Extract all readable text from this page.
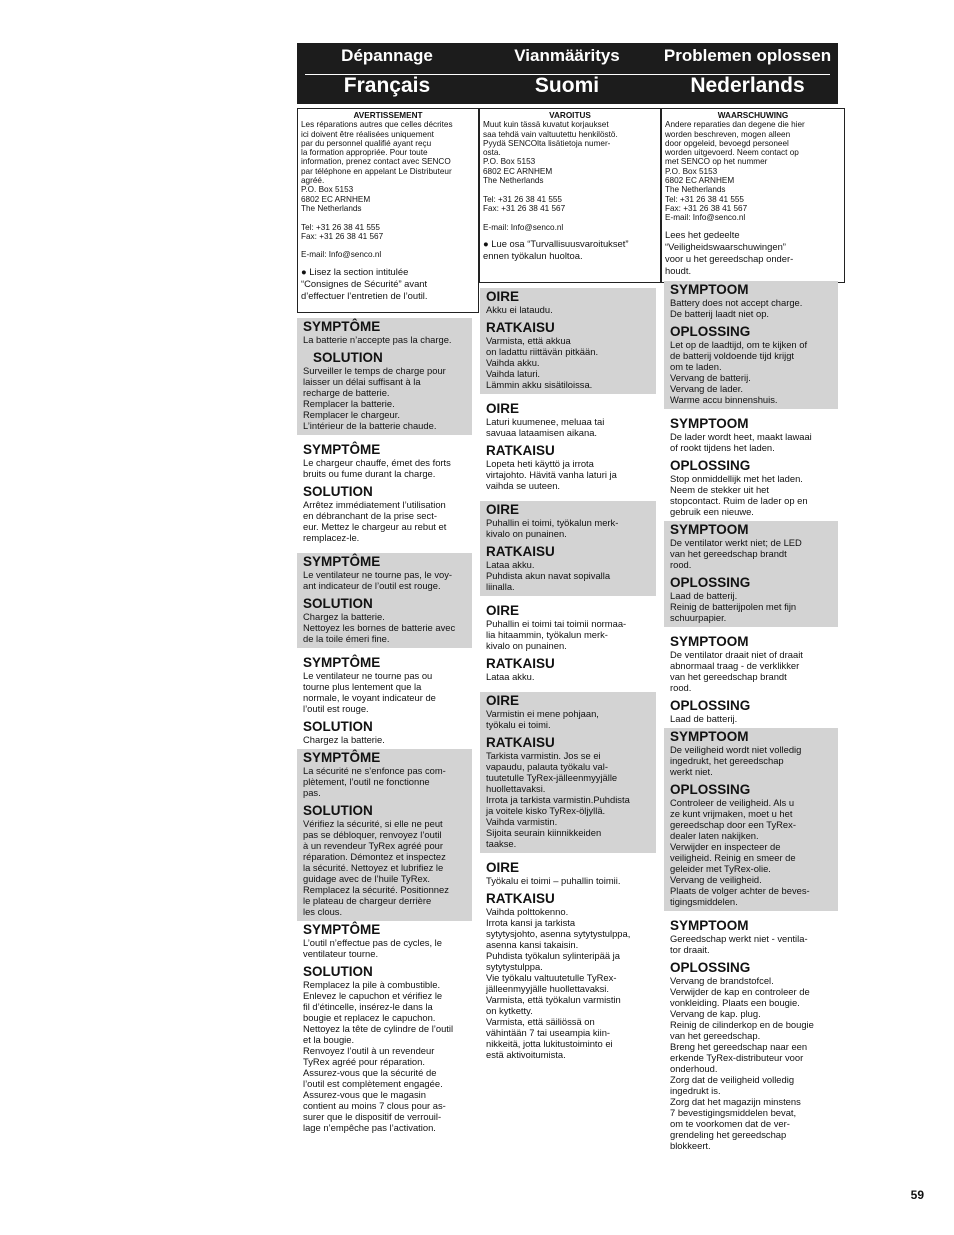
Dépannage	Vianmääritys	Problemen oplossen
Français	Suomi	Nederlands
AVERTISSEMENT
Les réparations autres que celles décrites
ici doivent être réalisées uniquement
par du personnel qualifié ayant reçu
la formation appropriée. Pour toute
information, prenez contact avec SENCO
par téléphone en appelant Le Distributeur
agréé.
P.O. Box 5153
6802 EC ARNHEM
The Netherlands

Tel: +31 26 38 41 555
Fax: +31 26 38 41 567

E-mail: Info@senco.nl
● Lisez la section intitulée
“Consignes de Sécurité” avant
d’effectuer l’entretien de l’outil.
VAROITUS
Muut kuin tässä kuvatut korjaukset
saa tehdä vain valtuutettu henkilöstö.
Pyydä SENCOlta lisätietoja numer-
osta.
P.O. Box 5153
6802 EC ARNHEM
The Netherlands

Tel: +31 26 38 41 555
Fax: +31 26 38 41 567

E-mail: Info@senco.nl
● Lue osa “Turvallisuusvaroitukset”
ennen työkalun huoltoa.
WAARSCHUWING
Andere reparaties dan degene die hier
worden beschreven, mogen alleen
door opgeleid, bevoegd personeel
worden uitgevoerd. Neem contact op
met SENCO op het nummer
P.O. Box 5153
6802 EC ARNHEM
The Netherlands
Tel: +31 26 38 41 555
Fax: +31 26 38 41 567
E-mail: Info@senco.nl
Lees het gedeelte
“Veiligheidswaarschuwingen”
voor u het gereedschap onder-
houdt.
SYMPTÔME
La batterie n’accepte pas la charge.
SOLUTION
Surveiller le temps de charge pour
laisser un délai suffisant à la
recharge de batterie.
Remplacer la batterie.
Remplacer le chargeur.
L’intérieur de la batterie chaude.
SYMPTÔME
Le chargeur chauffe, émet des forts
bruits ou fume durant la charge.
SOLUTION
Arrêtez immédiatement l’utilisation
en débranchant de la prise sect-
eur. Mettez le chargeur au rebut et
remplacez-le.
SYMPTÔME
Le ventilateur ne tourne pas, le voy-
ant indicateur de l’outil est rouge.
SOLUTION
Chargez la batterie.
Nettoyez les bornes de batterie avec
de la toile émeri fine.
SYMPTÔME
Le ventilateur ne tourne pas ou
tourne plus lentement que la
normale, le voyant indicateur de
l’outil est rouge.
SOLUTION
Chargez la batterie.
SYMPTÔME
La sécurité ne s’enfonce pas com-
plètement, l’outil ne fonctionne
pas.
SOLUTION
Vérifiez la sécurité, si elle ne peut
pas se débloquer, renvoyez l’outil
à un revendeur TyRex agréé pour
réparation. Démontez et inspectez
la sécurité. Nettoyez et lubrifiez le
guidage avec de l’huile TyRex.
Remplacez la sécurité. Positionnez
le plateau de chargeur derrière
les clous.
SYMPTÔME
L’outil n’effectue pas de cycles, le
ventilateur tourne.
SOLUTION
Remplacez la pile à combustible.
Enlevez le capuchon et vérifiez le
fil d’étincelle, insérez-le dans la
bougie et replacez le capuchon.
Nettoyez la tête de cylindre de l’outil
et la bougie.
Renvoyez l’outil à un revendeur
TyRex agréé pour réparation.
Assurez-vous que la sécurité de
l’outil est complètement engagée.
Assurez-vous que le magasin
contient au moins 7 clous pour as-
surer que le dispositif de verrouil-
lage n’empêche pas l’activation.
OIRE
Akku ei lataudu.
RATKAISU
Varmista, että akkua
on ladattu riittävän pitkään.
Vaihda akku.
Vaihda laturi.
Lämmin akku sisätiloissa.
OIRE
Laturi kuumenee, meluaa tai
savuaa lataamisen aikana.
RATKAISU
Lopeta heti käyttö ja irrota
virtajohto. Hävitä vanha laturi ja
vaihda se uuteen.
OIRE
Puhallin ei toimi, työkalun merk-
kivalo on punainen.
RATKAISU
Lataa akku.
Puhdista akun navat sopivalla
liinalla.
OIRE
Puhallin ei toimi tai toimii normaa-
lia hitaammin, työkalun merk-
kivalo on punainen.
RATKAISU
Lataa akku.
OIRE
Varmistin ei mene pohjaan,
työkalu ei toimi.
RATKAISU
Tarkista varmistin. Jos se ei
vapaudu, palauta työkalu val-
tuutetulle TyRex-jälleenmyyjälle
huollettavaksi.
Irrota ja tarkista varmistin.Puhdista
ja voitele kisko TyRex-öljyllä.
Vaihda varmistin.
Sijoita seurain kiinnikkeiden
taakse.
OIRE
Työkalu ei toimi – puhallin toimii.
RATKAISU
Vaihda polttokenno.
Irrota kansi ja tarkista
sytytysjohto, asenna sytytystulppa,
asenna kansi takaisin.
Puhdista työkalun sylinteripää ja
sytytystulppa.
Vie työkalu valtuutetulle TyRex-
jälleenmyyjälle huollettavaksi.
Varmista, että työkalun varmistin
on kytketty.
Varmista, että säiliössä on
vähintään 7 tai useampia kiin-
nikkeitä, jotta lukitustoiminto ei
estä aktivoitumista.
SYMPTOOM
Battery does not accept charge.
De batterij laadt niet op.
OPLOSSING
Let op de laadtijd, om te kijken of
de batterij voldoende tijd krijgt
om te laden.
Vervang de batterij.
Vervang de lader.
Warme accu binnenshuis.
SYMPTOOM
De lader wordt heet, maakt lawaai
of rookt tijdens het laden.
OPLOSSING
Stop onmiddellijk met het laden.
Neem de stekker uit het
stopcontact. Ruim de lader op en
gebruik een nieuwe.
SYMPTOOM
De ventilator werkt niet; de LED
van het gereedschap brandt
rood.
OPLOSSING
Laad de batterij.
Reinig de batterijpolen met fijn
schuurpapier.
SYMPTOOM
De ventilator draait niet of draait
abnormaal traag - de verklikker
van het gereedschap brandt
rood.
OPLOSSING
Laad de batterij.
SYMPTOOM
De veiligheid wordt niet volledig
ingedrukt, het gereedschap
werkt niet.
OPLOSSING
Controleer de veiligheid. Als u
ze kunt vrijmaken, moet u het
gereedschap door een TyRex-
dealer laten nakijken.
Verwijder en inspecteer de
veiligheid. Reinig en smeer de
geleider met TyRex-olie.
Vervang de veiligheid.
Plaats de volger achter de beves-
tigingsmiddelen.
SYMPTOOM
Gereedschap werkt niet - ventila-
tor draait.
OPLOSSING
Vervang de brandstofcel.
Verwijder de kap en controleer de
vonkleiding. Plaats een bougie.
Vervang de kap. plug.
Reinig de cilinderkop en de bougie
van het gereedschap.
Breng het gereedschap naar een
erkende TyRex-distributeur voor
onderhoud.
Zorg dat de veiligheid volledig
ingedrukt is.
Zorg dat het magazijn minstens
7 bevestigingsmiddelen bevat,
om te voorkomen dat de ver-
grendeling het gereedschap
blokkeert.
59
